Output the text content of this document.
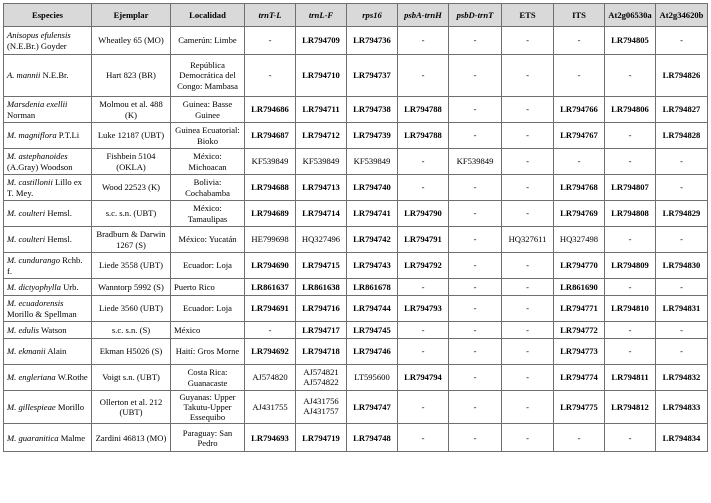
Especies	Ejemplar	Localidad	trnT-L	trnL-F	rps16	psbA-trnH	psbD-trnT	ETS	ITS	At2g06530a	At2g34620b
Anisopus efulensis (N.E.Br.) Goyder	Wheatley 65 (MO)	Camerún: Limbe	-	LR794709	LR794736	-	-	-	-	LR794805	-
A. mannii N.E.Br.	Hart 823 (BR)	República Democrática del Congo: Mambasa	-	LR794710	LR794737	-	-	-	-	-	LR794826
Marsdenia exellii Norman	Molmou et al. 488 (K)	Guinea: Basse Guinee	LR794686	LR794711	LR794738	LR794788	-	-	LR794766	LR794806	LR794827
M. magniflora P.T.Li	Luke 12187 (UBT)	Guinea Ecuatorial: Bioko	LR794687	LR794712	LR794739	LR794788	-	-	LR794767	-	LR794828
M. astephanoides (A.Gray) Woodson	Fishbein 5104 (OKLA)	México: Michoacan	KF539849	KF539849	KF539849	-	KF539849	-	-	-	-
M. castillonii Lillo ex T. Mey.	Wood 22523 (K)	Bolivia: Cochabamba	LR794688	LR794713	LR794740	-	-	-	LR794768	LR794807	-
M. coulteri Hemsl.	s.c. s.n. (UBT)	México: Tamaulipas	LR794689	LR794714	LR794741	LR794790	-	-	LR794769	LR794808	LR794829
M. coulteri Hemsl.	Bradburn & Darwin 1267 (S)	México: Yucatán	HE799698	HQ327496	LR794742	LR794791	-	HQ327611	HQ327498	-	-
M. cundurango Rchb. f.	Liede 3558 (UBT)	Ecuador: Loja	LR794690	LR794715	LR794743	LR794792	-	-	LR794770	LR794809	LR794830
M. dictyophylla Urb.	Wanntorp 5992 (S)	Puerto Rico	LR861637	LR861638	LR861678	-	-	-	LR861690	-	-
M. ecuadorensis Morillo & Spellman	Liede 3560 (UBT)	Ecuador: Loja	LR794691	LR794716	LR794744	LR794793	-	-	LR794771	LR794810	LR794831
M. edulis Watson	s.c. s.n. (S)	México	-	LR794717	LR794745	-	-	-	LR794772	-	-
M. ekmanii Alain	Ekman H5026 (S)	Haití: Gros Morne	LR794692	LR794718	LR794746	-	-	-	LR794773	-	-
M. engleriana W.Rothe	Voigt s.n. (UBT)	Costa Rica: Guanacaste	AJ574820	AJ574821 AJ574822	LT595600	LR794794	-	-	LR794774	LR794811	LR794832
M. gillespieae Morillo	Ollerton et al. 212 (UBT)	Guyanas: Upper Takutu-Upper Essequibo	AJ431755	AJ431756 AJ431757	LR794747	-	-	-	LR794775	LR794812	LR794833
M. guaranitica Malme	Zardini 46813 (MO)	Paraguay: San Pedro	LR794693	LR794719	LR794748	-	-	-	-	-	LR794834
